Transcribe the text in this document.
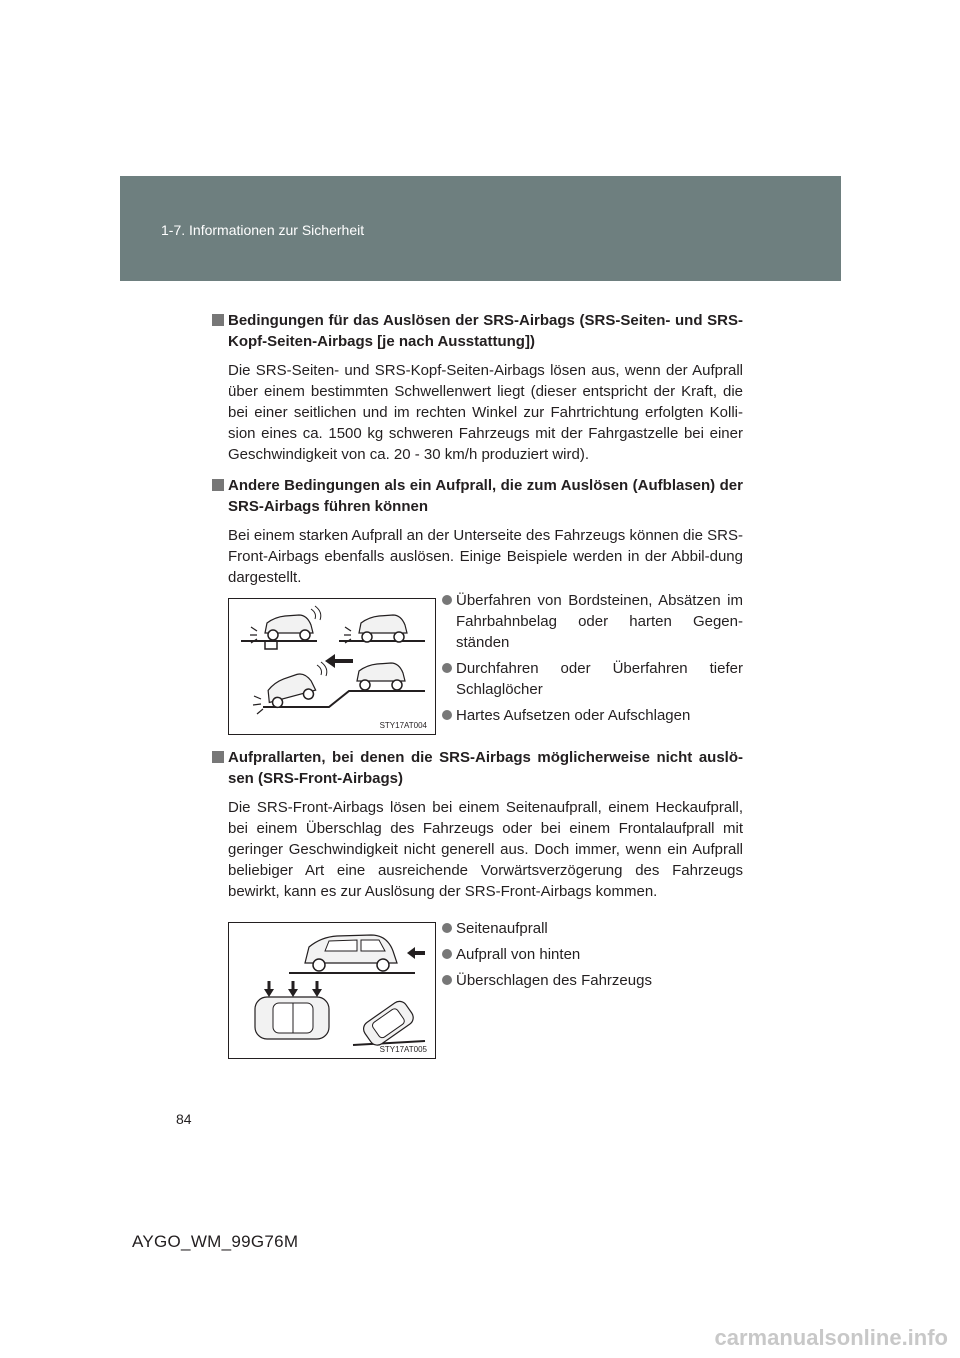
1-7. Informationen zur Sicherheit
Bedingungen für das Auslösen der SRS-Airbags (SRS-Seiten- und SRS-Kopf-Seiten-Airbags [je nach Ausstattung])
Die SRS-Seiten- und SRS-Kopf-Seiten-Airbags lösen aus, wenn der Aufprall über einem bestimmten Schwellenwert liegt (dieser entspricht der Kraft, die bei einer seitlichen und im rechten Winkel zur Fahrtrichtung erfolgten Kolli-sion eines ca. 1500 kg schweren Fahrzeugs mit der Fahrgastzelle bei einer Geschwindigkeit von ca. 20 - 30 km/h produziert wird).
Andere Bedingungen als ein Aufprall, die zum Auslösen (Aufblasen) der SRS-Airbags führen können
Bei einem starken Aufprall an der Unterseite des Fahrzeugs können die SRS-Front-Airbags ebenfalls auslösen. Einige Beispiele werden in der Abbil-dung dargestellt.
STY17AT004
Überfahren von Bordsteinen, Absätzen im Fahrbahnbelag oder harten Gegen-ständen
Durchfahren oder Überfahren tiefer Schlaglöcher
Hartes Aufsetzen oder Aufschlagen
Aufprallarten, bei denen die SRS-Airbags möglicherweise nicht auslö-sen (SRS-Front-Airbags)
Die SRS-Front-Airbags lösen bei einem Seitenaufprall, einem Heckaufprall, bei einem Überschlag des Fahrzeugs oder bei einem Frontalaufprall mit geringer Geschwindigkeit nicht generell aus. Doch immer, wenn ein Aufprall beliebiger Art eine ausreichende Vorwärtsverzögerung des Fahrzeugs bewirkt, kann es zur Auslösung der SRS-Front-Airbags kommen.
STY17AT005
Seitenaufprall
Aufprall von hinten
Überschlagen des Fahrzeugs
84
AYGO_WM_99G76M
carmanualsonline.info
